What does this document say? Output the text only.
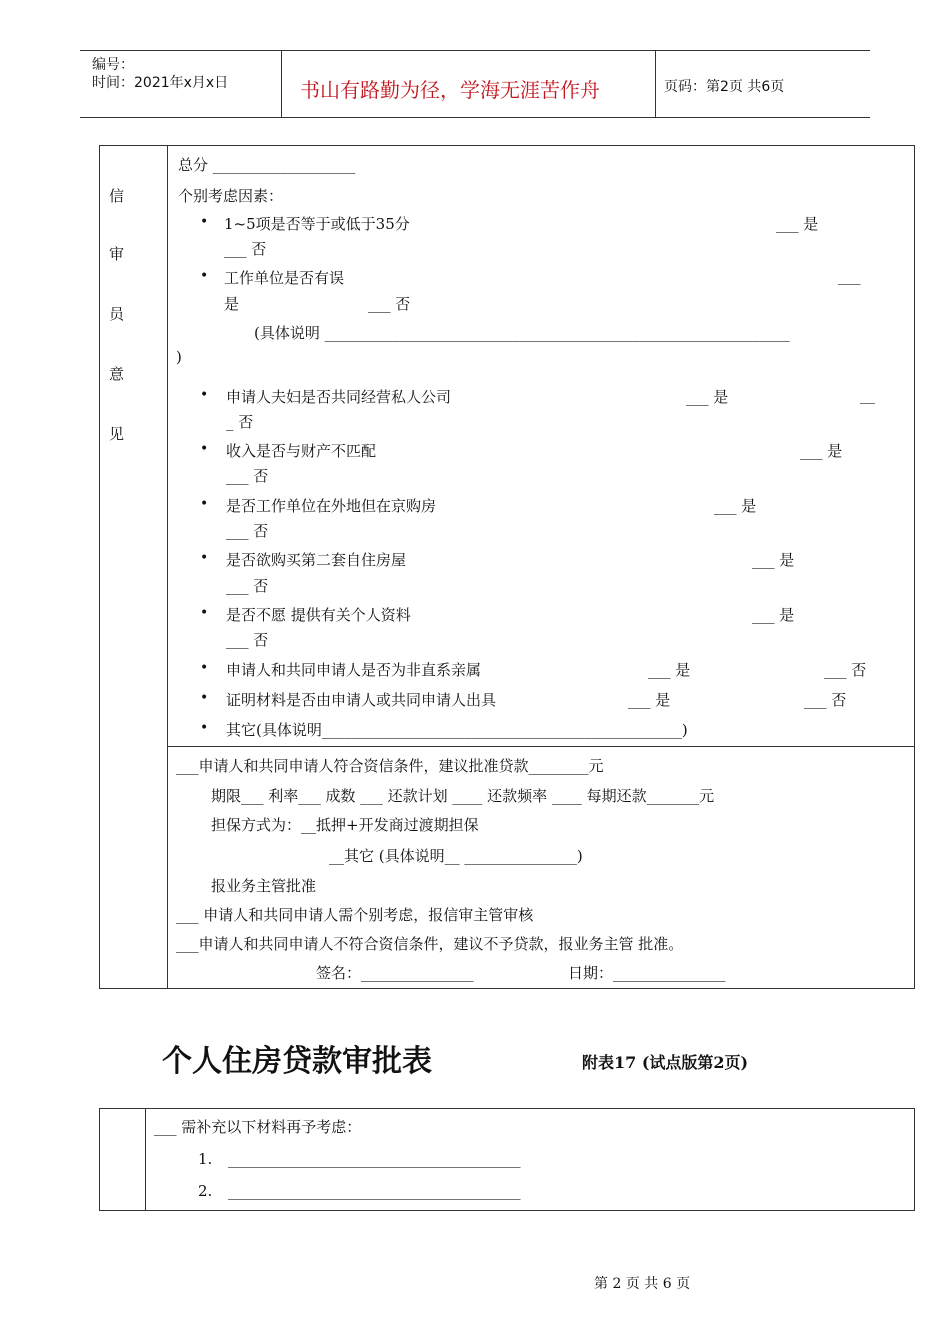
编号：
时间：2021年x月x日	书山有路勤为径，学海无涯苦作舟	页码：第2页 共6页
信
审
员
意
见
总分 ___________________
个别考虑因素：
• 1~5项是否等于或低于35分	___ 是
___ 否
• 工作单位是否有误	___
是	___ 否
(具体说明 ______________________________________________________________
)
• 申请人夫妇是否共同经营私人公司	___ 是	__
_ 否
• 收入是否与财产不匹配	___ 是
___ 否
• 是否工作单位在外地但在京购房	___ 是
___ 否
• 是否欲购买第二套自住房屋	___ 是
___ 否
• 是否不愿 提供有关个人资料	___ 是
___ 否
• 申请人和共同申请人是否为非直系亲属	___ 是	___ 否
• 证明材料是否由申请人或共同申请人出具	___ 是	___ 否
• 其它(具体说明________________________________________________)
___申请人和共同申请人符合资信条件，建议批准贷款________元
期限___ 利率___ 成数 ___ 还款计划 ____ 还款频率 ____ 每期还款_______元
担保方式为：__抵押+开发商过渡期担保
__其它 (具体说明__ _______________)
报业务主管批准
___ 申请人和共同申请人需个别考虑，报信审主管审核
___申请人和共同申请人不符合资信条件，建议不予贷款，报业务主管 批准。
签名：_______________	日期：_______________
个人住房贷款审批表	附表17 (试点版第2页)
___ 需补充以下材料再予考虑：
1. _______________________________________
2. _______________________________________
第 2 页 共 6 页
